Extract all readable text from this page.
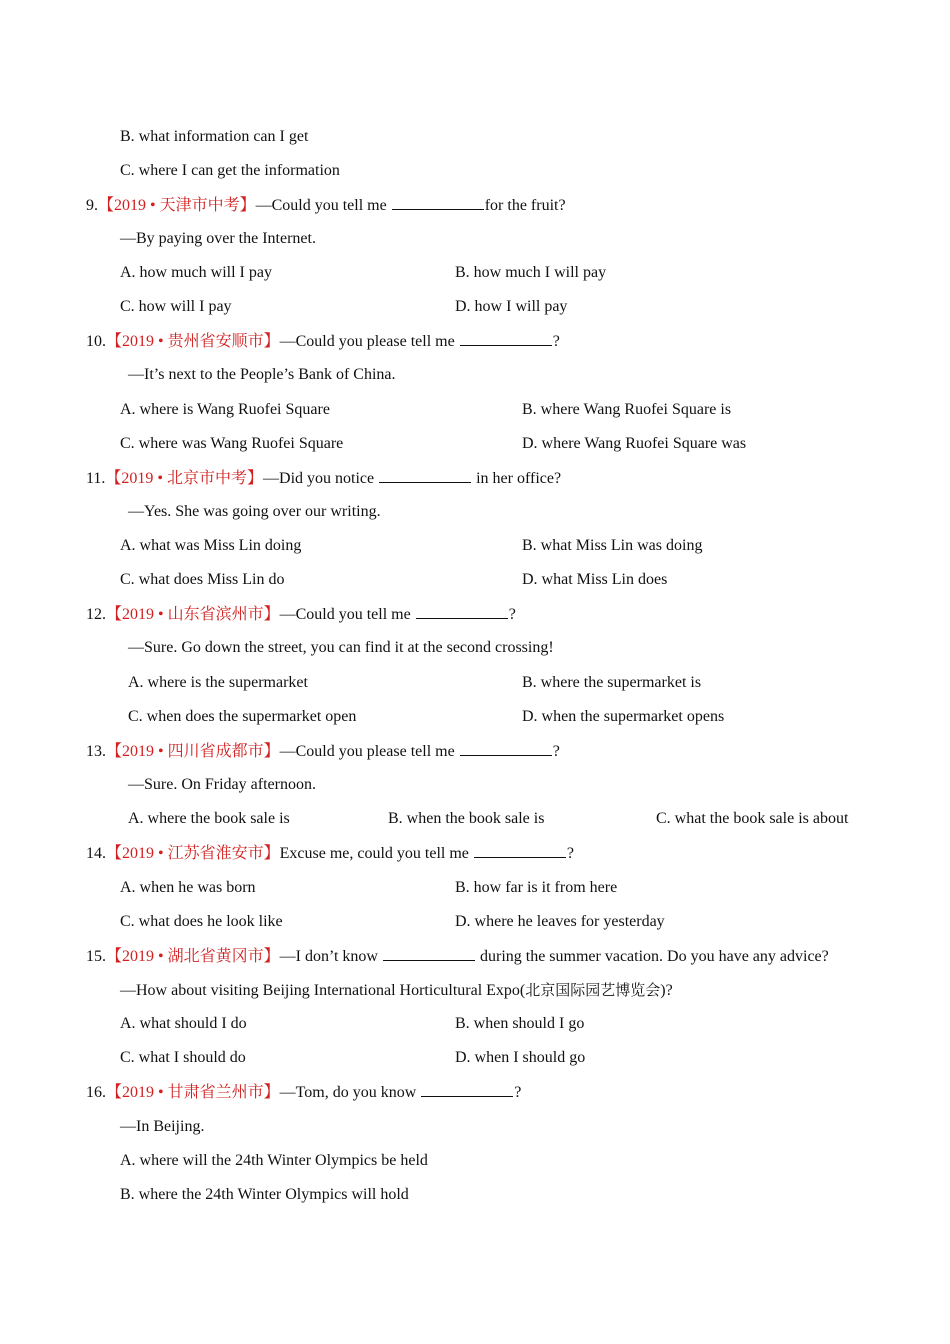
B. what information can I get
C. where I can get the information
9.【2019 • 天津市中考】—Could you tell me	for the fruit?
—By paying over the Internet.
A. how much will I pay	B. how much I will pay
C. how will I pay	D. how I will pay
10.【2019 • 贵州省安顺市】—Could you please tell me	?
—It’s next to the People’s Bank of China.
A. where is Wang Ruofei Square	B. where Wang Ruofei Square is
C. where was Wang Ruofei Square	D. where Wang Ruofei Square was
11.【2019 • 北京市中考】—Did you notice	in her office?
—Yes. She was going over our writing.
A. what was Miss Lin doing	B. what Miss Lin was doing
C. what does Miss Lin do	D. what Miss Lin does
12.【2019 • 山东省滨州市】—Could you tell me	?
—Sure. Go down the street, you can find it at the second crossing!
A. where is the supermarket	B. where the supermarket is
C. when does the supermarket open	D. when the supermarket opens
13.【2019 • 四川省成都市】—Could you please tell me	?
—Sure. On Friday afternoon.
A. where the book sale is	B. when the book sale is	C. what the book sale is about
14.【2019 • 江苏省淮安市】Excuse me, could you tell me	?
A. when he was born	B. how far is it from here
C. what does he look like	D. where he leaves for yesterday
15.【2019 • 湖北省黄冈市】—I don’t know	during the summer vacation. Do you have any advice?
—How about visiting Beijing International Horticultural Expo(北京国际园艺博览会)?
A. what should I do	B. when should I go
C. what I should do	D. when I should go
16.【2019 • 甘肃省兰州市】—Tom, do you know	?
—In Beijing.
A. where will the 24th Winter Olympics be held
B. where the 24th Winter Olympics will hold
